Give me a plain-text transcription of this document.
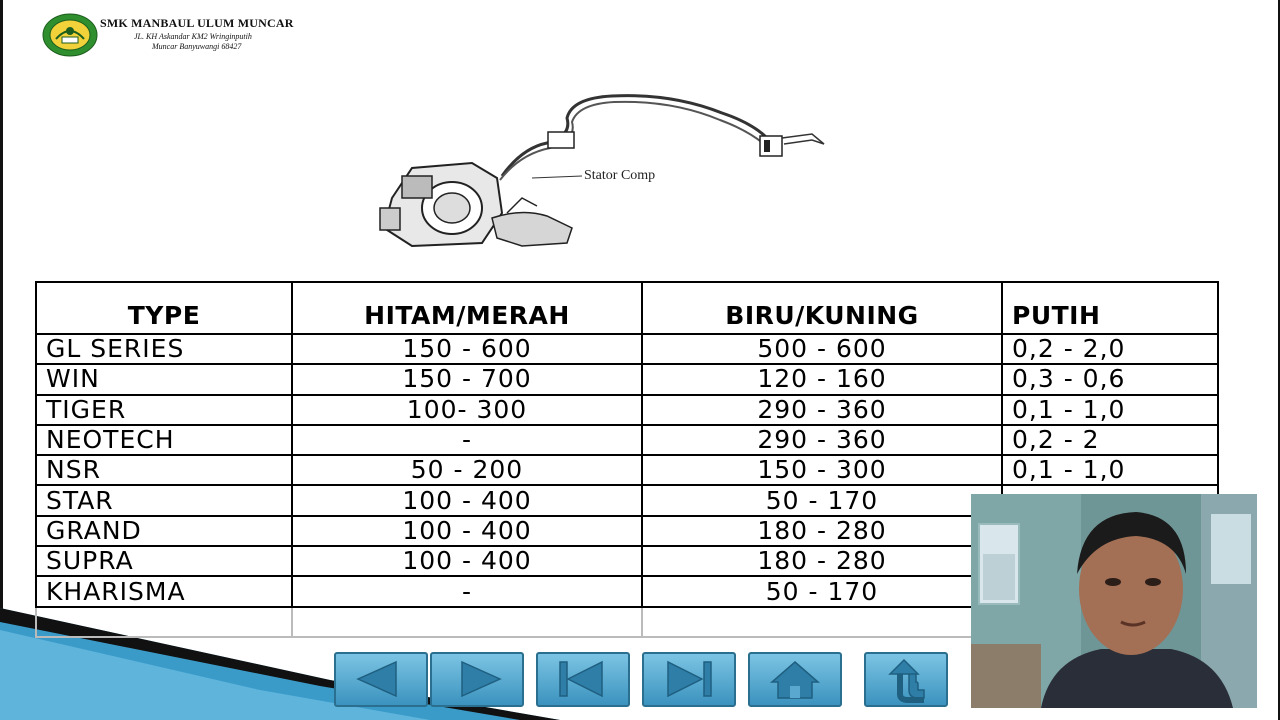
SMK MANBAUL ULUM MUNCAR
JL. KH Askandar KM2 Wringinputih
Muncar Banyuwangi 68427
Stator Comp
TYPE	HITAM/MERAH	BIRU/KUNING	PUTIH
GL SERIES	150 - 600	500 - 600	0,2 - 2,0
WIN	150 - 700	120 - 160	0,3 - 0,6
TIGER	100- 300	290 - 360	0,1 - 1,0
NEOTECH	-	290 - 360	0,2 - 2
NSR	50 - 200	150 - 300	0,1 - 1,0
STAR	100 - 400	50 - 170	
GRAND	100 - 400	180 - 280	
SUPRA	100 - 400	180 - 280	
KHARISMA	-	50 - 170	
